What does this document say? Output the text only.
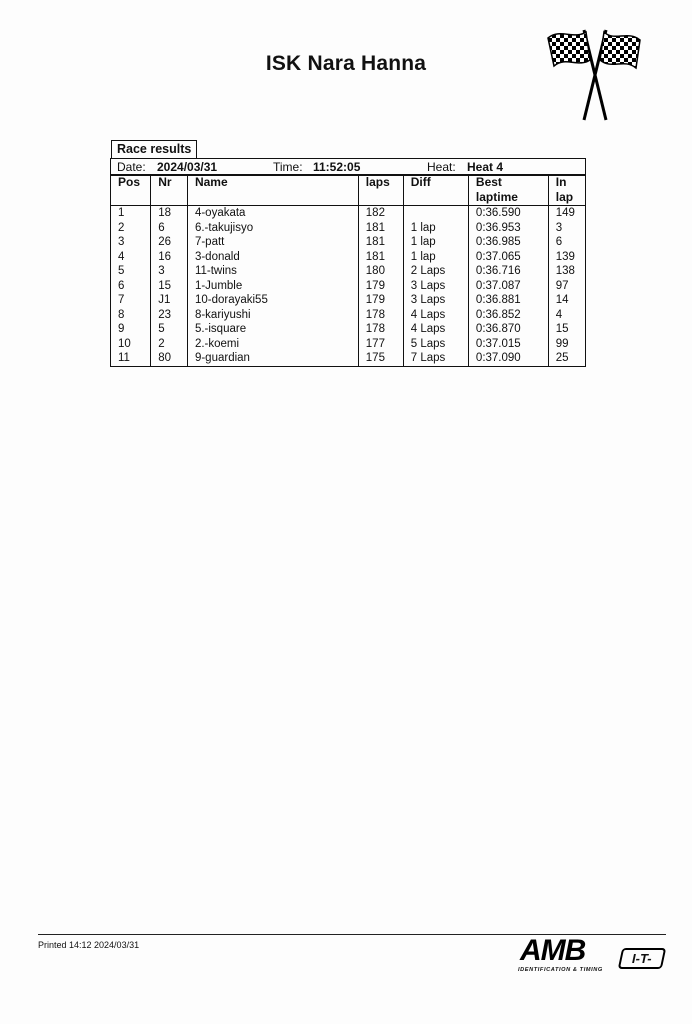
ISK Nara Hanna
Race results
Date: 2024/03/31	Time: 11:52:05	Heat: Heat 4
Pos	Nr	Name	laps	Diff	Best
laptime	In
lap
1	18	4-oyakata	182		0:36.590	149
2	6	6.-takujisyo	181	1 lap	0:36.953	3
3	26	7-patt	181	1 lap	0:36.985	6
4	16	3-donald	181	1 lap	0:37.065	139
5	3	11-twins	180	2 Laps	0:36.716	138
6	15	1-Jumble	179	3 Laps	0:37.087	97
7	J1	10-dorayaki55	179	3 Laps	0:36.881	14
8	23	8-kariyushi	178	4 Laps	0:36.852	4
9	5	5.-isquare	178	4 Laps	0:36.870	15
10	2	2.-koemi	177	5 Laps	0:37.015	99
11	80	9-guardian	175	7 Laps	0:37.090	25
Printed 14:12 2024/03/31	AMB	I-T-
IDENTIFICATION & TIMING
